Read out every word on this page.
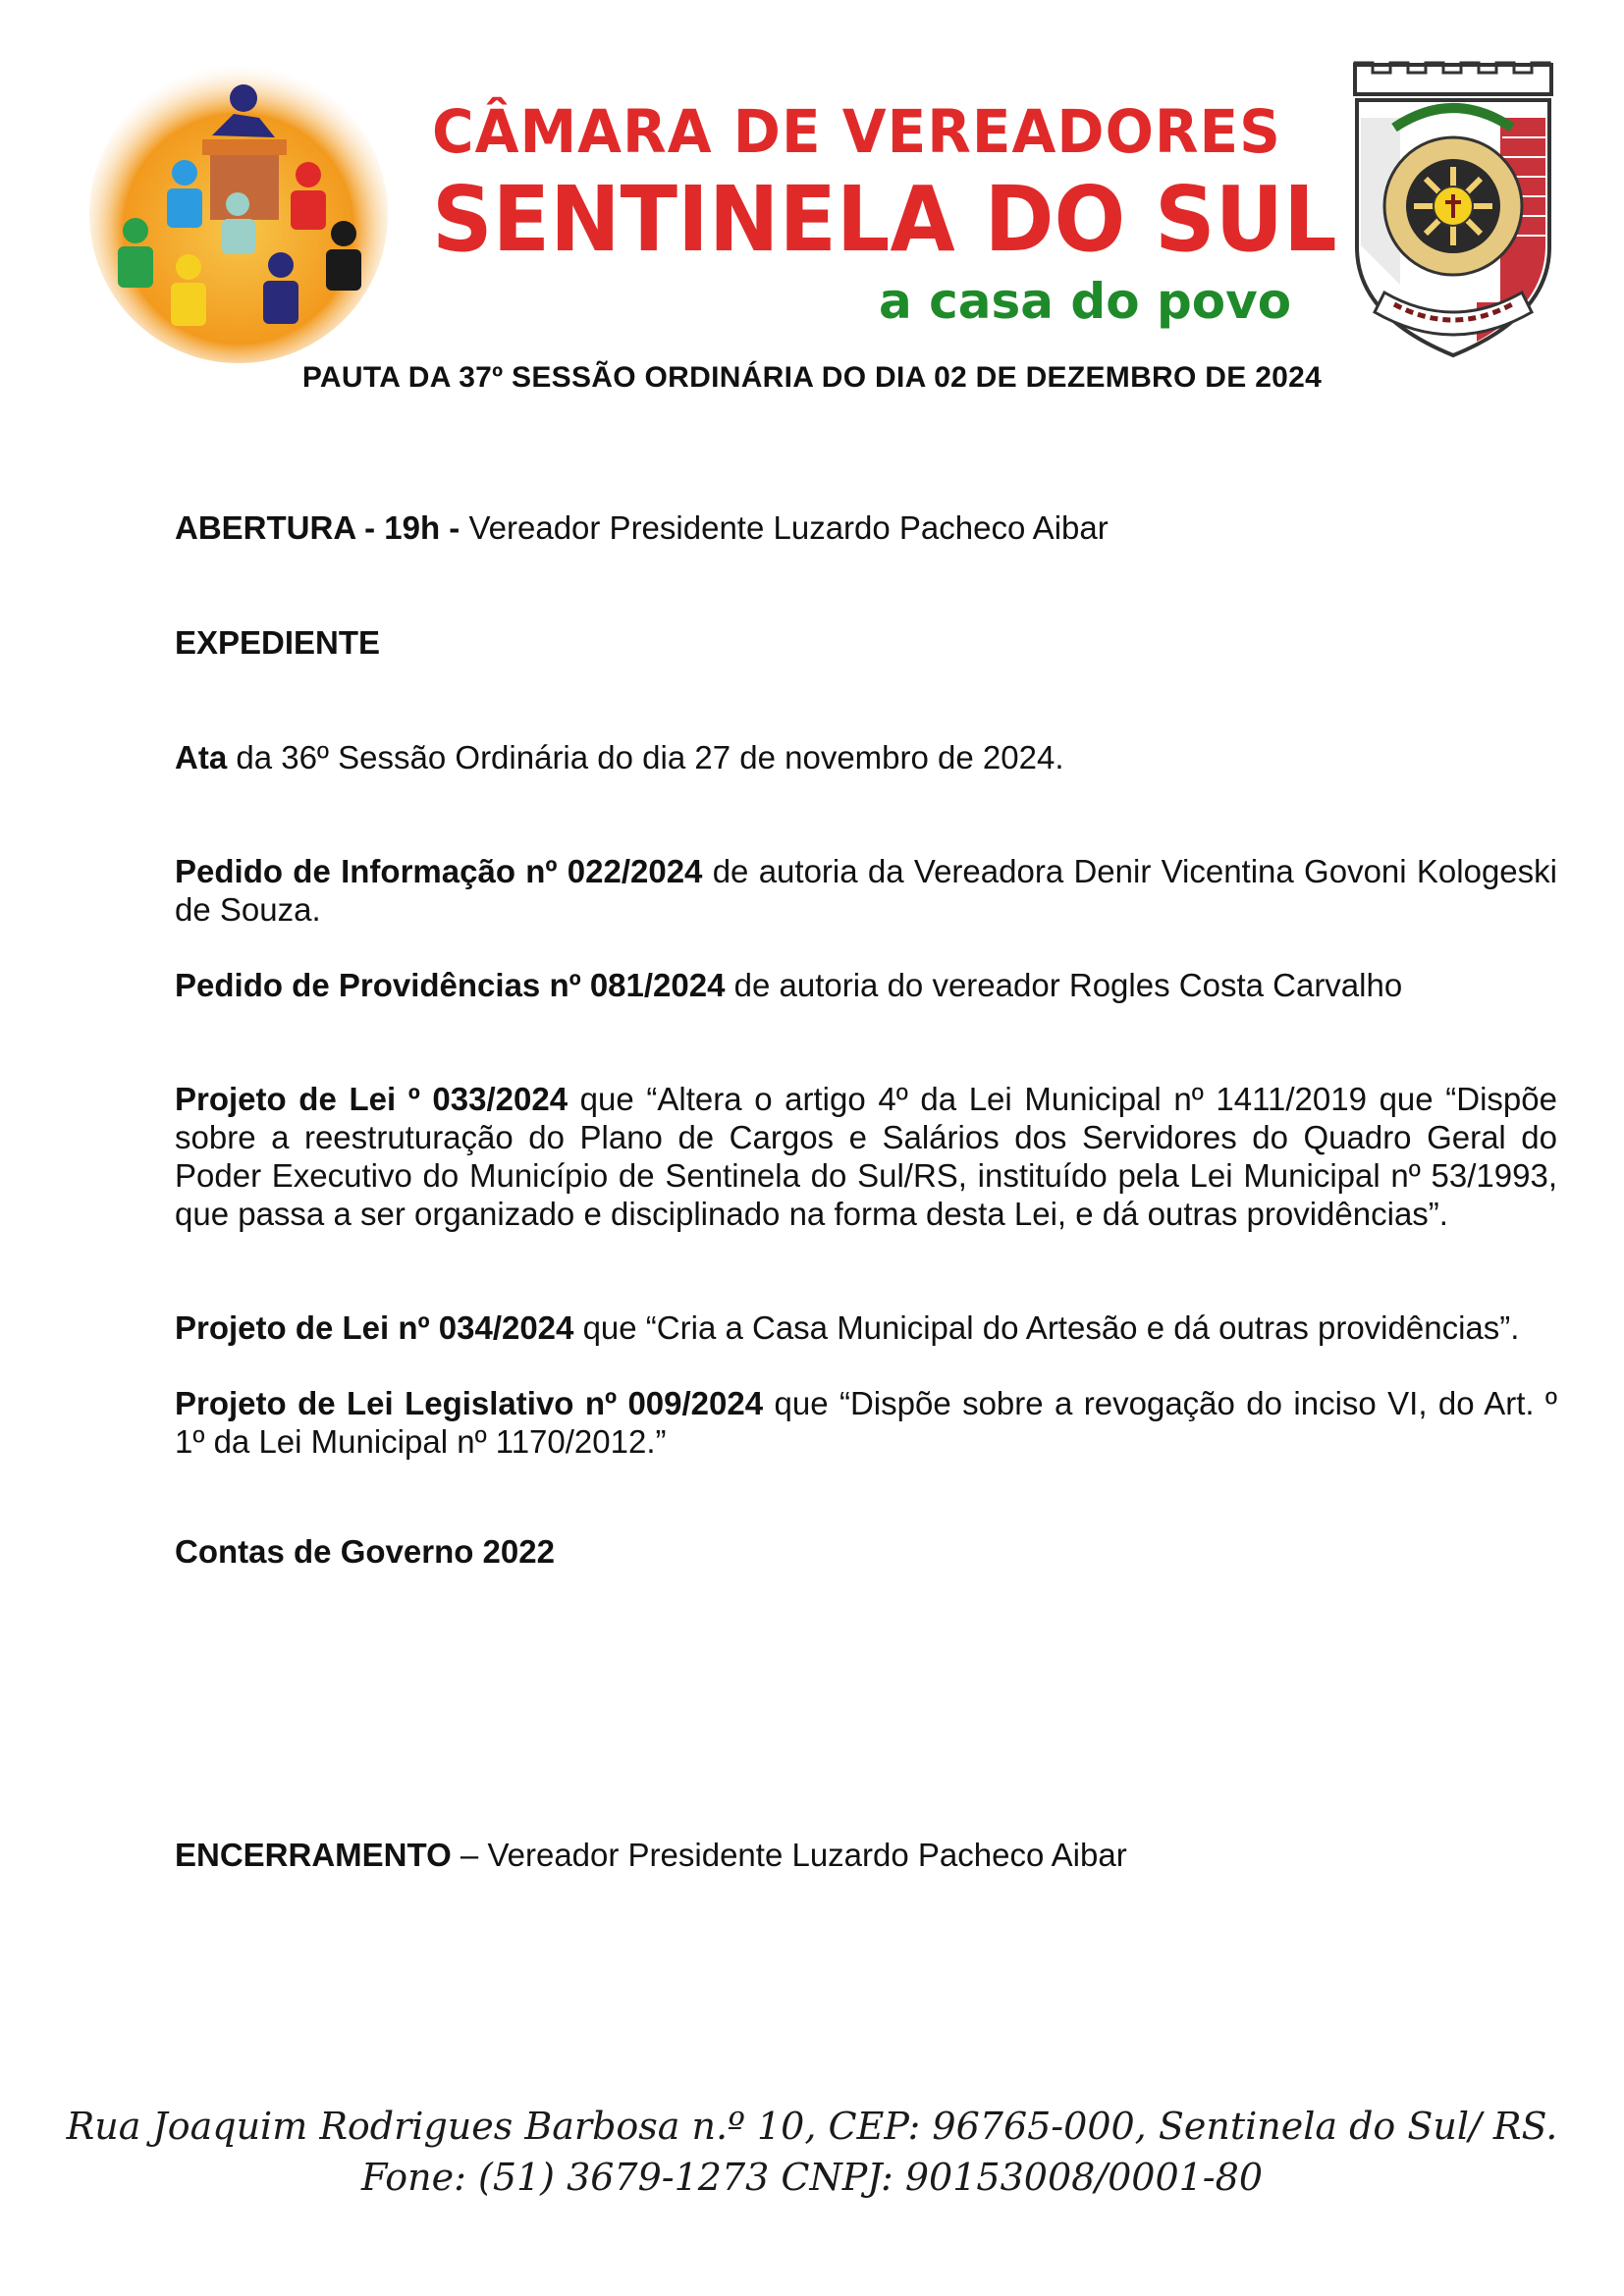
CÂMARA DE VEREADORES
SENTINELA DO SUL
a casa do povo
PAUTA DA 37º SESSÃO ORDINÁRIA DO DIA 02 DE DEZEMBRO DE 2024
ABERTURA - 19h - Vereador Presidente Luzardo Pacheco Aibar
EXPEDIENTE
Ata da 36º Sessão Ordinária do dia 27 de novembro de 2024.
Pedido de Informação nº 022/2024 de autoria da Vereadora Denir Vicentina Govoni Kologeski de Souza.
Pedido de Providências nº 081/2024 de autoria do vereador Rogles Costa Carvalho
Projeto de Lei º 033/2024 que “Altera o artigo 4º da Lei Municipal nº 1411/2019 que “Dispõe sobre a reestruturação do Plano de Cargos e Salários dos Servidores do Quadro Geral do Poder Executivo do Município de Sentinela do Sul/RS, instituído pela Lei Municipal nº 53/1993, que passa a ser organizado e disciplinado na forma desta Lei, e dá outras providências”.
Projeto de Lei nº 034/2024 que “Cria a Casa Municipal do Artesão e dá outras providências”.
Projeto de Lei Legislativo nº 009/2024 que “Dispõe sobre a revogação do inciso VI, do Art. º 1º da Lei Municipal nº 1170/2012.”
Contas de Governo 2022
ENCERRAMENTO – Vereador Presidente Luzardo Pacheco Aibar
Rua Joaquim Rodrigues Barbosa n.º 10, CEP: 96765-000, Sentinela do Sul/ RS.
Fone: (51) 3679-1273 CNPJ: 90153008/0001-80
